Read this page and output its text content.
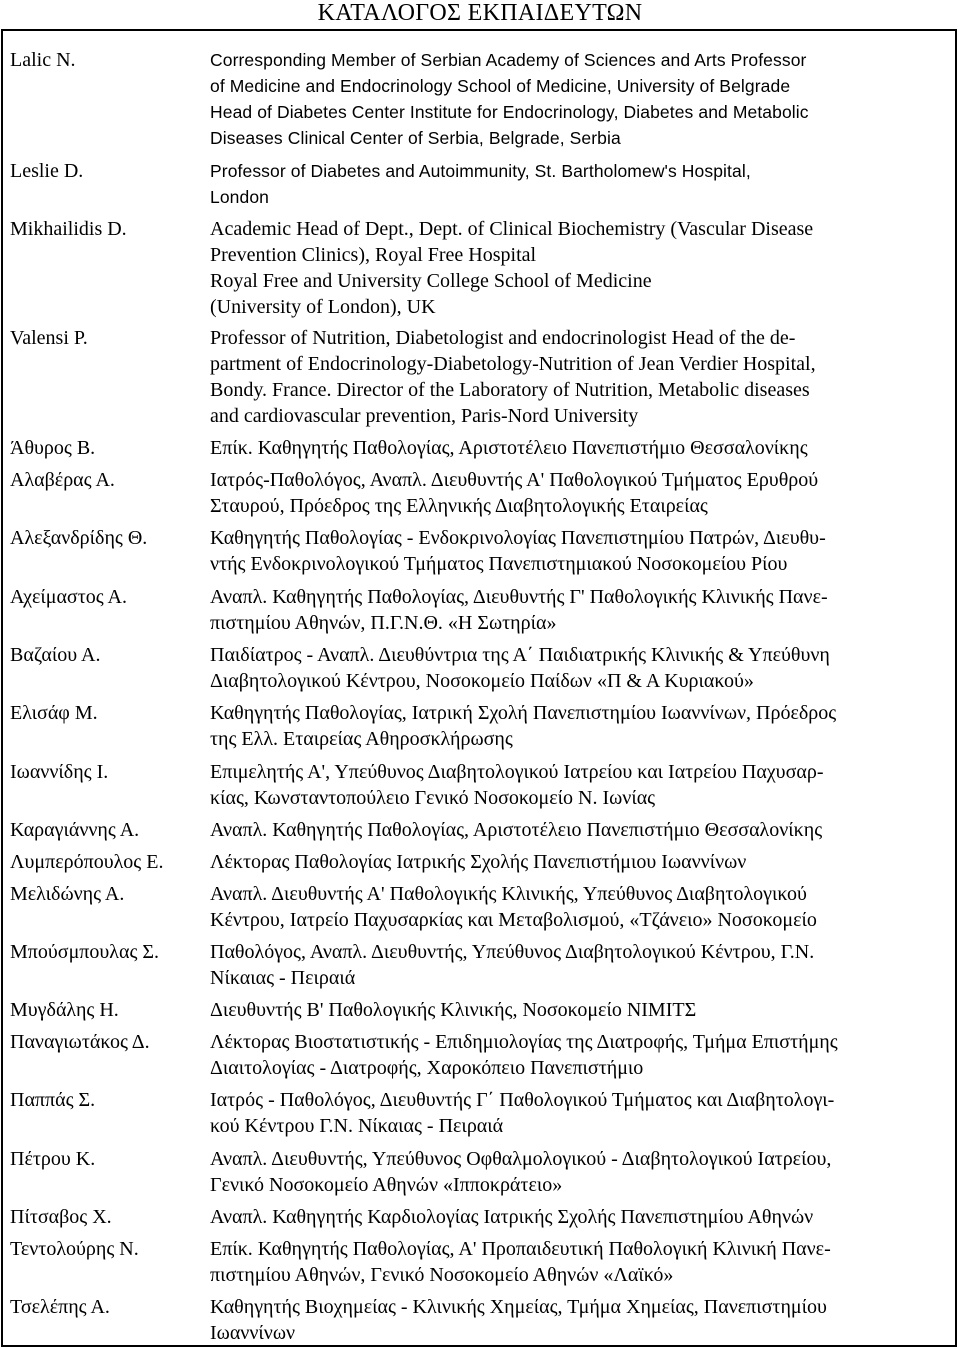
ΚΑΤΑΛΟΓΟΣ ΕΚΠΑΙΔΕΥΤΩΝ
Lalic N.	Corresponding Member of Serbian Academy of Sciences and Arts Professor
of Medicine and Endocrinology School of Medicine, University of Belgrade
Head of Diabetes Center Institute for Endocrinology, Diabetes and Metabolic
Diseases Clinical Center of Serbia, Belgrade, Serbia
Leslie D.	Professor of Diabetes and Autoimmunity, St. Bartholomew's Hospital,
London
Mikhailidis D.	Academic Head of Dept., Dept. of Clinical Biochemistry (Vascular Disease
Prevention Clinics), Royal Free Hospital
Royal Free and University College School of Medicine
(University of London), UK
Valensi P.	Professor of Nutrition, Diabetologist and endocrinologist Head of the de-
partment of Endocrinology-Diabetology-Nutrition of Jean Verdier Hospital,
Bondy. France. Director of the Laboratory of Nutrition, Metabolic diseases
and cardiovascular prevention, Paris-Nord University
Άθυρος Β.	Επίκ. Καθηγητής Παθολογίας, Αριστοτέλειο Πανεπιστήμιο Θεσσαλονίκης
Αλαβέρας Α.	Ιατρός-Παθολόγος, Αναπλ. Διευθυντής Α' Παθολογικού Τμήματος Ερυθρού
Σταυρού, Πρόεδρος της Ελληνικής Διαβητολογικής Εταιρείας
Αλεξανδρίδης Θ.	Καθηγητής Παθολογίας - Ενδοκρινολογίας Πανεπιστημίου Πατρών, Διευθυ-
ντής Ενδοκρινολογικού Τμήματος Πανεπιστημιακού Νοσοκομείου Ρίου
Αχείμαστος Α.	Αναπλ. Καθηγητής Παθολογίας, Διευθυντής Γ' Παθολογικής Κλινικής Πανε-
πιστημίου Αθηνών, Π.Γ.Ν.Θ. «Η Σωτηρία»
Βαζαίου Α.	Παιδίατρος - Αναπλ. Διευθύντρια της Α΄ Παιδιατρικής Κλινικής & Υπεύθυνη
Διαβητολογικού Κέντρου, Νοσοκομείο Παίδων «Π & Α Κυριακού»
Ελισάφ Μ.	Καθηγητής Παθολογίας, Ιατρική Σχολή Πανεπιστημίου Ιωαννίνων, Πρόεδρος
της Ελλ. Εταιρείας Αθηροσκλήρωσης
Ιωαννίδης Ι.	Επιμελητής Α', Υπεύθυνος Διαβητολογικού Ιατρείου και Ιατρείου Παχυσαρ-
κίας, Κωνσταντοπούλειο Γενικό Νοσοκομείο Ν. Ιωνίας
Καραγιάννης Α.	Αναπλ. Καθηγητής Παθολογίας, Αριστοτέλειο Πανεπιστήμιο Θεσσαλονίκης
Λυμπερόπουλος Ε. Λέκτορας Παθολογίας Ιατρικής Σχολής Πανεπιστήμιου Ιωαννίνων
Μελιδώνης Α.	Αναπλ. Διευθυντής Α' Παθολογικής Κλινικής, Υπεύθυνος Διαβητολογικού
Κέντρου, Ιατρείο Παχυσαρκίας και Μεταβολισμού, «Τζάνειο» Νοσοκομείο
Μπούσμπουλας Σ.	Παθολόγος, Αναπλ. Διευθυντής, Υπεύθυνος Διαβητολογικού Κέντρου, Γ.Ν.
Νίκαιας - Πειραιά
Μυγδάλης Η.	Διευθυντής Β' Παθολογικής Κλινικής, Νοσοκομείο ΝΙΜΙΤΣ
Παναγιωτάκος Δ.	Λέκτορας Βιοστατιστικής - Επιδημιολογίας της Διατροφής, Τμήμα Επιστήμης
Διαιτολογίας - Διατροφής, Χαροκόπειο Πανεπιστήμιο
Παππάς Σ.	Ιατρός - Παθολόγος, Διευθυντής Γ΄ Παθολογικού Τμήματος και Διαβητολογι-
κού Κέντρου Γ.Ν. Νίκαιας - Πειραιά
Πέτρου Κ.	Αναπλ. Διευθυντής, Υπεύθυνος Οφθαλμολογικού - Διαβητολογικού Ιατρείου,
Γενικό Νοσοκομείο Αθηνών «Ιπποκράτειο»
Πίτσαβος Χ.	Αναπλ. Καθηγητής Καρδιολογίας Ιατρικής Σχολής Πανεπιστημίου Αθηνών
Τεντολούρης Ν.	Επίκ. Καθηγητής Παθολογίας, Α' Προπαιδευτική Παθολογική Κλινική Πανε-
πιστημίου Αθηνών, Γενικό Νοσοκομείο Αθηνών «Λαϊκό»
Τσελέπης Α.	Καθηγητής Βιοχημείας - Κλινικής Χημείας, Τμήμα Χημείας, Πανεπιστημίου
Ιωαννίνων
